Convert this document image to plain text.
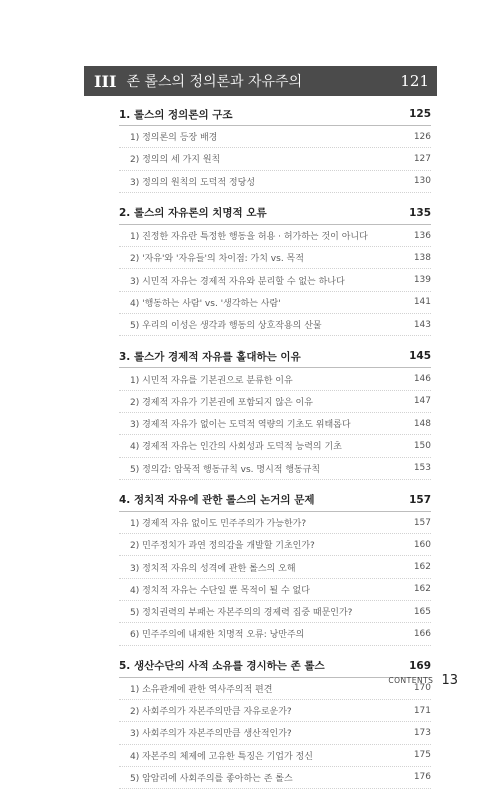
III 존 롤스의 정의론과 자유주의	121
1. 롤스의 정의론의 구조	125
1) 정의론의 등장 배경	126
2) 정의의 세 가지 원칙	127
3) 정의의 원칙의 도덕적 정당성	130
2. 롤스의 자유론의 치명적 오류	135
1) 진정한 자유란 특정한 행동을 허용 · 허가하는 것이 아니다	136
2) '자유'와 '자유들'의 차이점: 가치 vs. 목적	138
3) 시민적 자유는 경제적 자유와 분리할 수 없는 하나다	139
4) '행동하는 사람' vs. '생각하는 사람'	141
5) 우리의 이성은 생각과 행동의 상호작용의 산물	143
3. 롤스가 경제적 자유를 홀대하는 이유	145
1) 시민적 자유를 기본권으로 분류한 이유	146
2) 경제적 자유가 기본권에 포함되지 않은 이유	147
3) 경제적 자유가 없이는 도덕적 역량의 기초도 위태롭다	148
4) 경제적 자유는 인간의 사회성과 도덕적 능력의 기초	150
5) 정의감: 암묵적 행동규칙 vs. 명시적 행동규칙	153
4. 정치적 자유에 관한 롤스의 논거의 문제	157
1) 경제적 자유 없이도 민주주의가 가능한가?	157
2) 민주정치가 과연 정의감을 개발할 기초인가?	160
3) 정치적 자유의 성격에 관한 롤스의 오해	162
4) 정치적 자유는 수단일 뿐 목적이 될 수 없다	162
5) 정치권력의 부패는 자본주의의 경제력 집중 때문인가?	165
6) 민주주의에 내재한 치명적 오류: 낭만주의	166
5. 생산수단의 사적 소유를 경시하는 존 롤스	169
1) 소유관계에 관한 역사주의적 편견	170
2) 사회주의가 자본주의만큼 자유로운가?	171
3) 사회주의가 자본주의만큼 생산적인가?	173
4) 자본주의 체제에 고유한 특징은 기업가 정신	175
5) 암암리에 사회주의를 좋아하는 존 롤스	176
CONTENTS 13
